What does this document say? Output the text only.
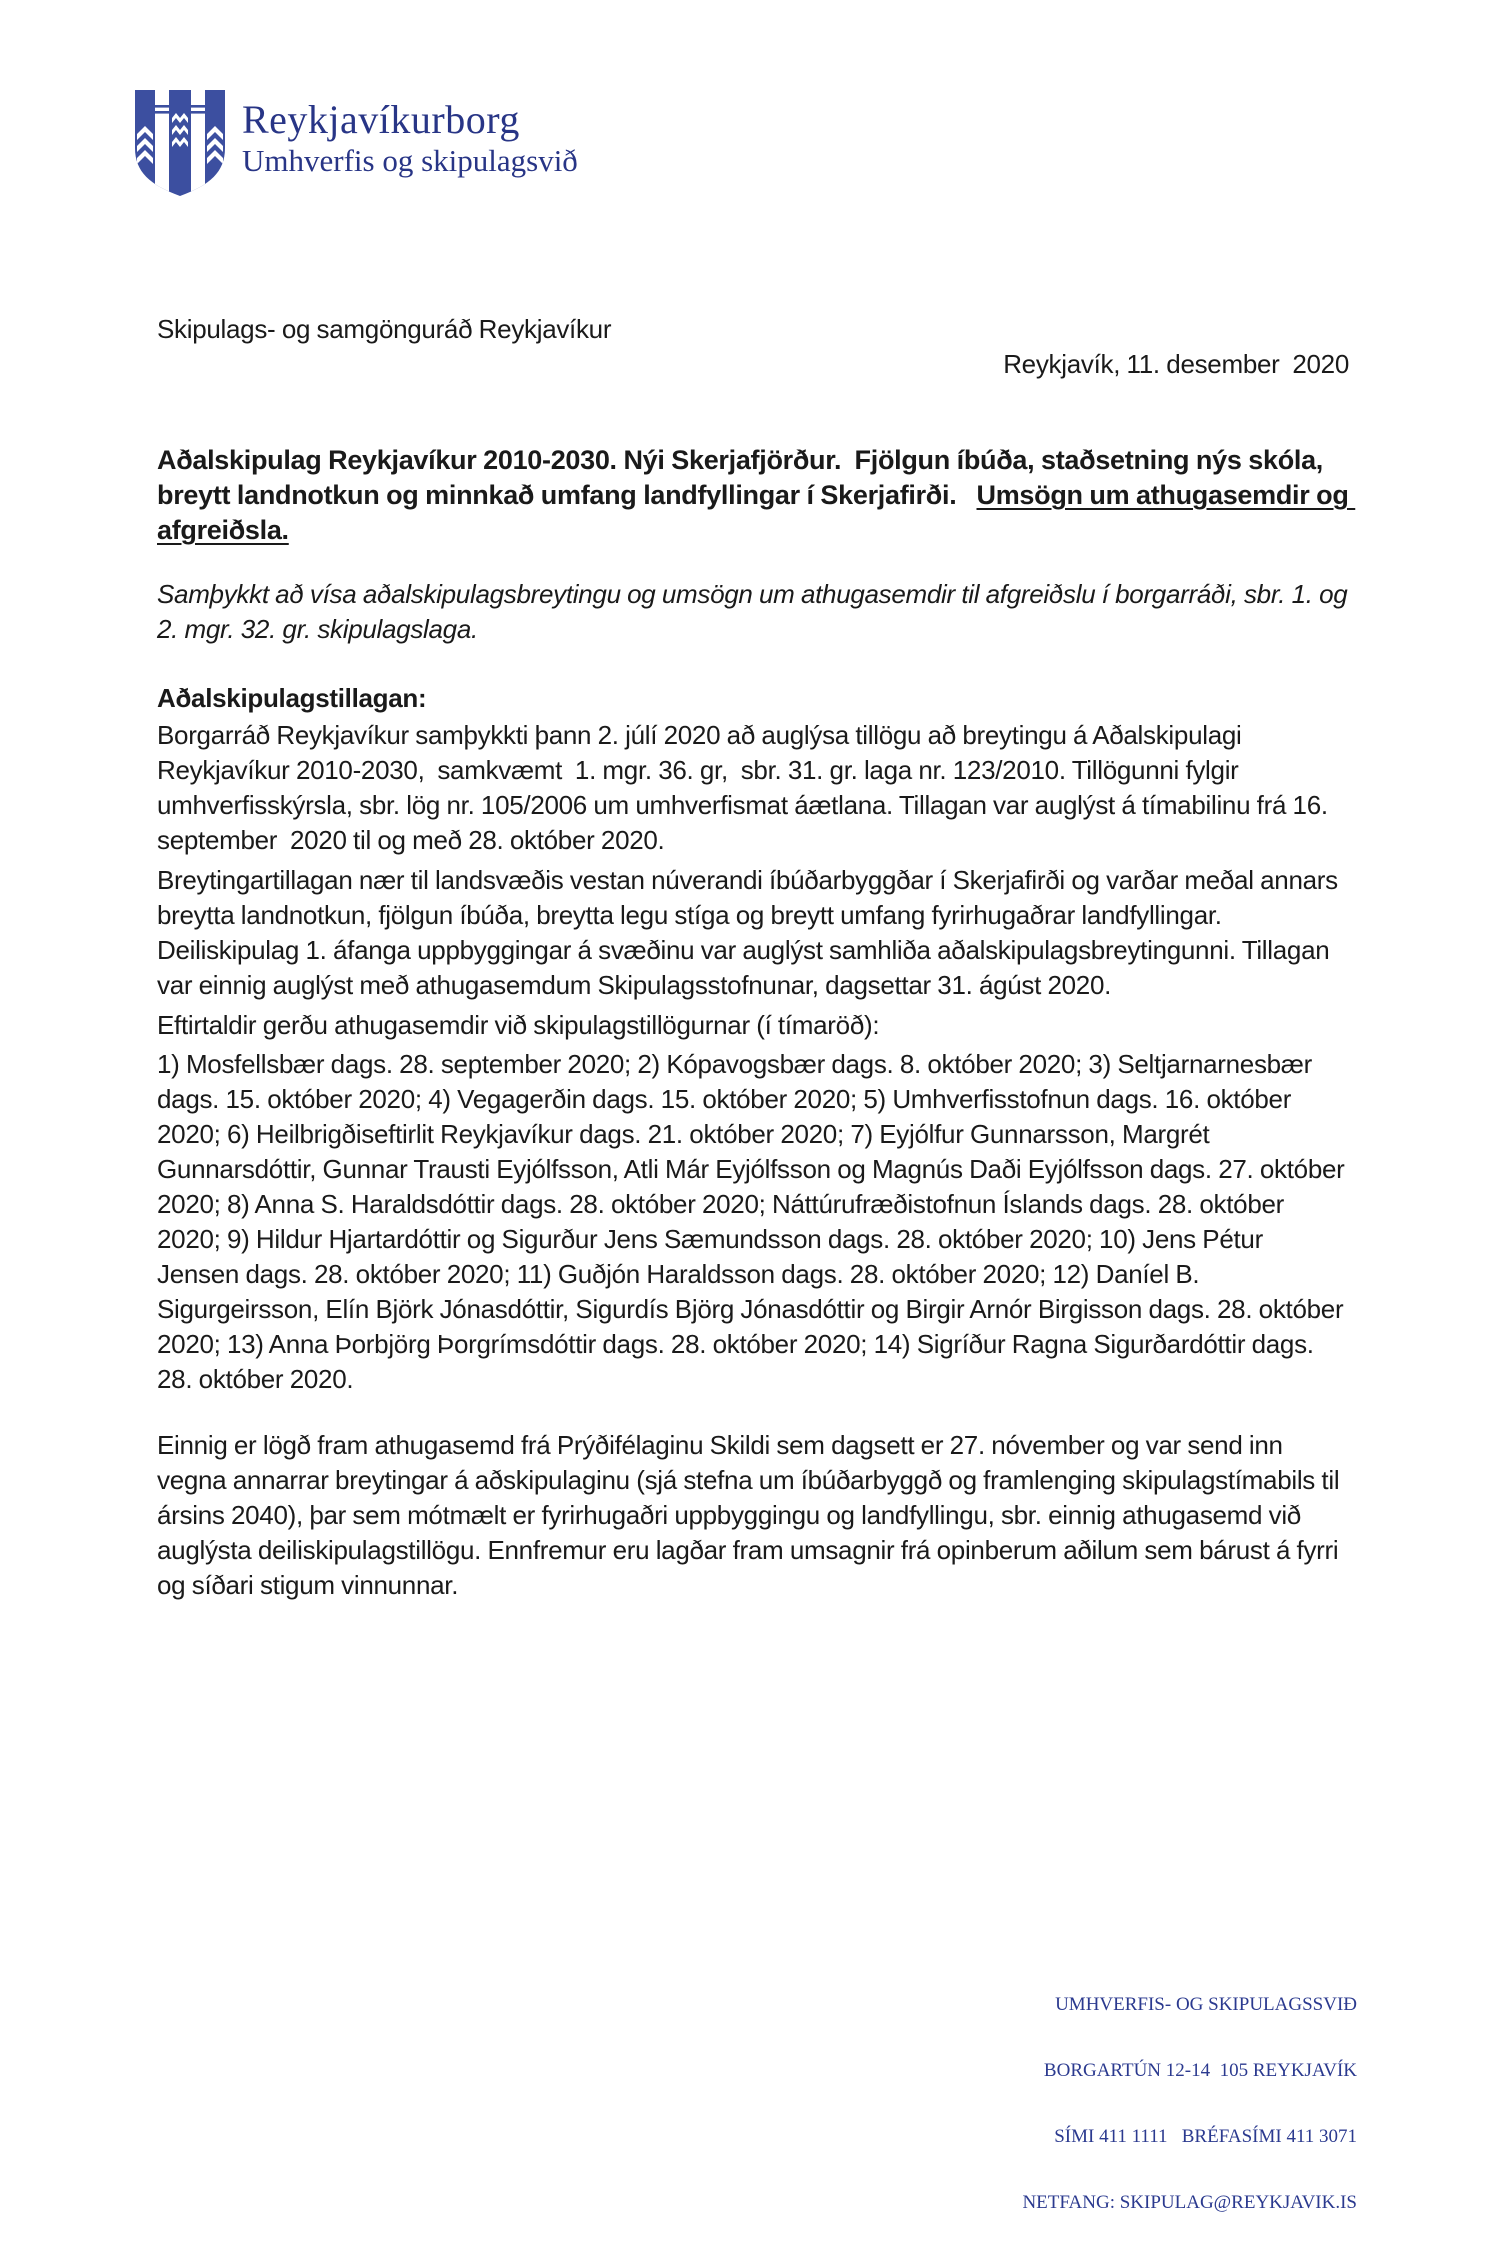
Reykjavíkurborg
Umhverfis og skipulagsvið

Skipulags- og samgönguráð Reykjavíkur

Reykjavík, 11. desember  2020

Aðalskipulag Reykjavíkur 2010-2030. Nýi Skerjafjörður.  Fjölgun íbúða, staðsetning nýs skóla, breytt landnotkun og minnkað umfang landfyllingar í Skerjafirði.   Umsögn um athugasemdir og afgreiðsla.

Samþykkt að vísa aðalskipulagsbreytingu og umsögn um athugasemdir til afgreiðslu í borgarráði, sbr. 1. og 2. mgr. 32. gr. skipulagslaga.

Aðalskipulagstillagan:

Borgarráð Reykjavíkur samþykkti þann 2. júlí 2020 að auglýsa tillögu að breytingu á Aðalskipulagi Reykjavíkur 2010-2030,  samkvæmt  1. mgr. 36. gr,  sbr. 31. gr. laga nr. 123/2010. Tillögunni fylgir umhverfisskýrsla, sbr. lög nr. 105/2006 um umhverfismat áætlana. Tillagan var auglýst á tímabilinu frá 16. september  2020 til og með 28. október 2020.

Breytingartillagan nær til landsvæðis vestan núverandi íbúðarbyggðar í Skerjafirði og varðar meðal annars breytta landnotkun, fjölgun íbúða, breytta legu stíga og breytt umfang fyrirhugaðrar landfyllingar. Deiliskipulag 1. áfanga uppbyggingar á svæðinu var auglýst samhliða aðalskipulagsbreytingunni. Tillagan var einnig auglýst með athugasemdum Skipulagsstofnunar, dagsettar 31. ágúst 2020.

Eftirtaldir gerðu athugasemdir við skipulagstillögurnar (í tímaröð):

1) Mosfellsbær dags. 28. september 2020; 2) Kópavogsbær dags. 8. október 2020; 3) Seltjarnarnesbær dags. 15. október 2020; 4) Vegagerðin dags. 15. október 2020; 5) Umhverfisstofnun dags. 16. október 2020; 6) Heilbrigðiseftirlit Reykjavíkur dags. 21. október 2020; 7) Eyjólfur Gunnarsson, Margrét Gunnarsdóttir, Gunnar Trausti Eyjólfsson, Atli Már Eyjólfsson og Magnús Daði Eyjólfsson dags. 27. október 2020; 8) Anna S. Haraldsdóttir dags. 28. október 2020; Náttúrufræðistofnun Íslands dags. 28. október 2020; 9) Hildur Hjartardóttir og Sigurður Jens Sæmundsson dags. 28. október 2020; 10) Jens Pétur Jensen dags. 28. október 2020; 11) Guðjón Haraldsson dags. 28. október 2020; 12) Daníel B. Sigurgeirsson, Elín Björk Jónasdóttir, Sigurdís Björg Jónasdóttir og Birgir Arnór Birgisson dags. 28. október 2020; 13) Anna Þorbjörg Þorgrímsdóttir dags. 28. október 2020; 14) Sigríður Ragna Sigurðardóttir dags. 28. október 2020.

Einnig er lögð fram athugasemd frá Prýðifélaginu Skildi sem dagsett er 27. nóvember og var send inn vegna annarrar breytingar á aðskipulaginu (sjá stefna um íbúðarbyggð og framlenging skipulagstímabils til ársins 2040), þar sem mótmælt er fyrirhugaðri uppbyggingu og landfyllingu, sbr. einnig athugasemd við auglýsta deiliskipulagstillögu. Ennfremur eru lagðar fram umsagnir frá opinberum aðilum sem bárust á fyrri og síðari stigum vinnunnar.

UMHVERFIS- OG SKIPULAGSSVIÐ

BORGARTÚN 12-14  105 REYKJAVÍK

SÍMI 411 1111   BRÉFASÍMI 411 3071

NETFANG: SKIPULAG@REYKJAVIK.IS
